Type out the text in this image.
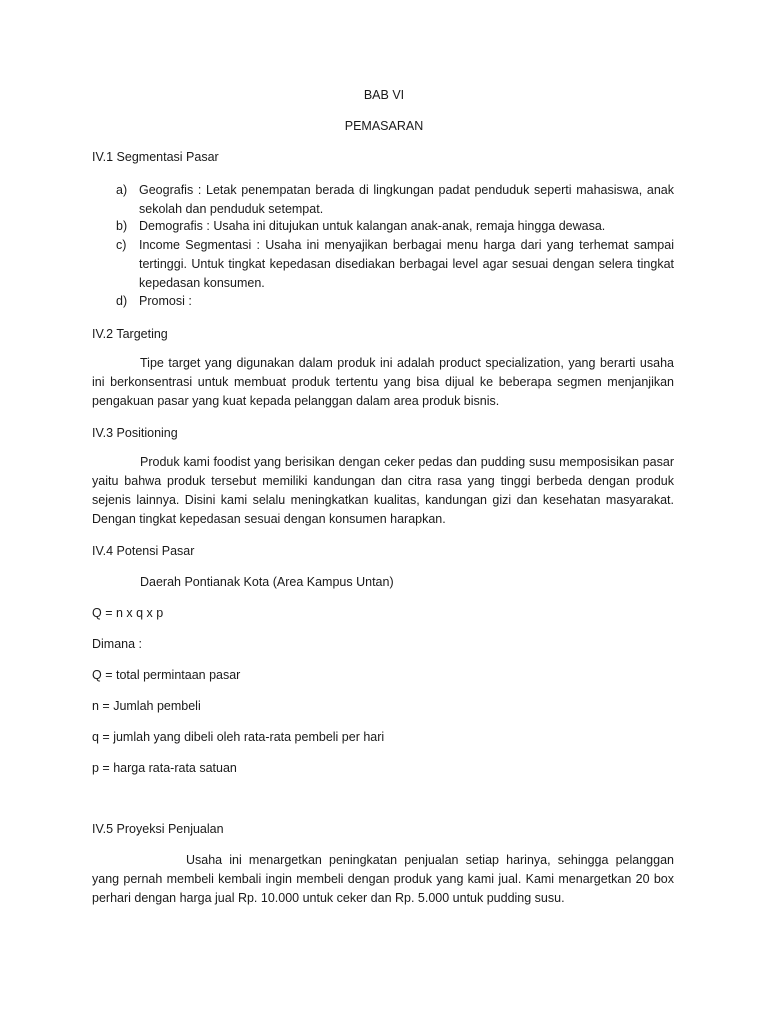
BAB VI
PEMASARAN
IV.1 Segmentasi Pasar
a) Geografis : Letak penempatan berada di lingkungan padat penduduk seperti mahasiswa, anak sekolah dan penduduk setempat.
b) Demografis : Usaha ini ditujukan untuk kalangan anak-anak, remaja hingga dewasa.
c) Income Segmentasi : Usaha ini menyajikan berbagai menu harga dari yang terhemat sampai tertinggi. Untuk tingkat kepedasan disediakan berbagai level agar sesuai dengan selera tingkat kepedasan konsumen.
d) Promosi :
IV.2 Targeting
Tipe target yang digunakan dalam produk ini adalah product specialization, yang berarti usaha ini berkonsentrasi untuk membuat produk tertentu yang bisa dijual ke beberapa segmen menjanjikan pengakuan pasar yang kuat kepada pelanggan dalam area produk bisnis.
IV.3 Positioning
Produk kami foodist yang berisikan dengan ceker pedas dan pudding susu memposisikan pasar yaitu bahwa produk tersebut memiliki kandungan dan citra rasa yang tinggi berbeda dengan produk sejenis lainnya. Disini kami selalu meningkatkan kualitas, kandungan gizi dan kesehatan masyarakat. Dengan tingkat kepedasan sesuai dengan konsumen harapkan.
IV.4 Potensi Pasar
Daerah Pontianak Kota (Area Kampus Untan)
Q = n x q x p
Dimana :
Q = total permintaan pasar
n = Jumlah pembeli
q = jumlah yang dibeli oleh rata-rata pembeli per hari
p = harga rata-rata satuan
IV.5 Proyeksi Penjualan
Usaha ini menargetkan peningkatan penjualan setiap harinya, sehingga pelanggan yang pernah membeli kembali ingin membeli dengan produk yang kami jual. Kami menargetkan 20 box perhari dengan harga jual Rp. 10.000 untuk ceker dan Rp. 5.000 untuk pudding susu.
